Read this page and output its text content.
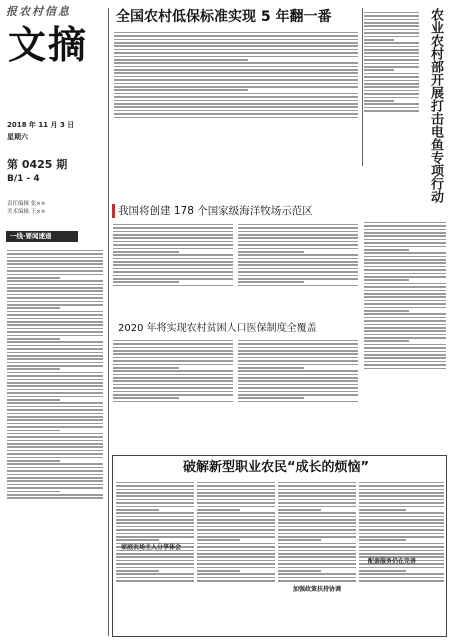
报农村信息
文摘
2018 年 11 月 3 日
星期六
第 0425 期
B/1 - 4
责任编辑 张××
美术编辑 王××
一线·要闻速递
全国农村低保标准实现 5 年翻一番	农业农村部开展打击电鱼专项行动
我国将创建 178 个国家级海洋牧场示范区
2020 年将实现农村贫困人口医保制度全覆盖
破解新型职业农民“成长的烦恼”
家庭农场主人分享体会
加强政策扶持协调
配套服务仍在完善
